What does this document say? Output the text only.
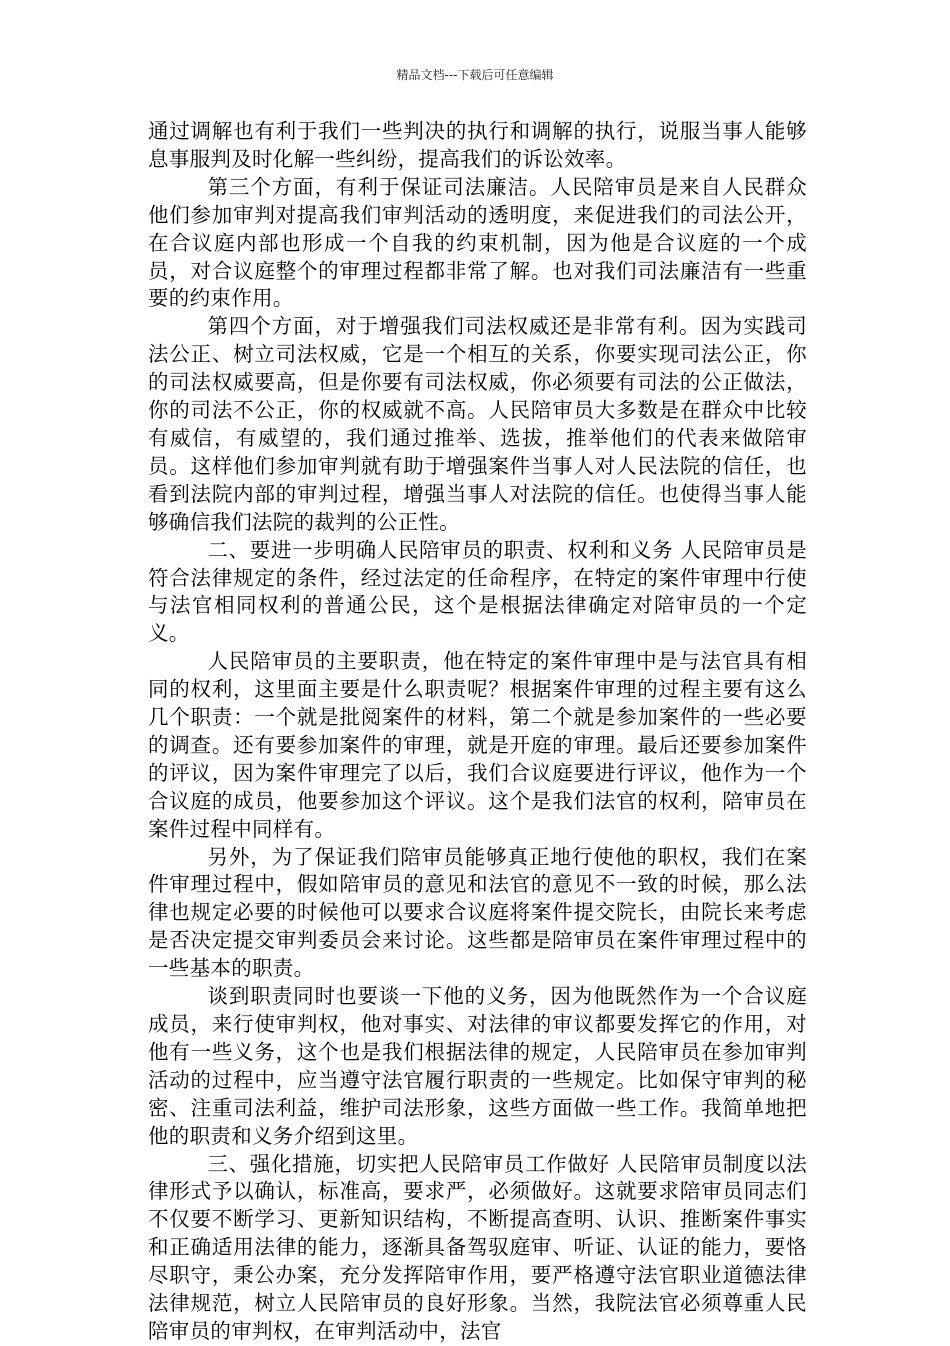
精品文档---下载后可任意编辑

通过调解也有利于我们一些判决的执行和调解的执行，说服当事人能够息事服判及时化解一些纠纷，提高我们的诉讼效率。

第三个方面，有利于保证司法廉洁。人民陪审员是来自人民群众他们参加审判对提高我们审判活动的透明度，来促进我们的司法公开，在合议庭内部也形成一个自我的约束机制，因为他是合议庭的一个成员，对合议庭整个的审理过程都非常了解。也对我们司法廉洁有一些重要的约束作用。

第四个方面，对于增强我们司法权威还是非常有利。因为实践司法公正、树立司法权威，它是一个相互的关系，你要实现司法公正，你的司法权威要高，但是你要有司法权威，你必须要有司法的公正做法，你的司法不公正，你的权威就不高。人民陪审员大多数是在群众中比较有威信，有威望的，我们通过推举、选拔，推举他们的代表来做陪审员。这样他们参加审判就有助于增强案件当事人对人民法院的信任，也看到法院内部的审判过程，增强当事人对法院的信任。也使得当事人能够确信我们法院的裁判的公正性。

二、要进一步明确人民陪审员的职责、权利和义务 人民陪审员是符合法律规定的条件，经过法定的任命程序，在特定的案件审理中行使与法官相同权利的普通公民，这个是根据法律确定对陪审员的一个定义。

人民陪审员的主要职责，他在特定的案件审理中是与法官具有相同的权利，这里面主要是什么职责呢？根据案件审理的过程主要有这么几个职责：一个就是批阅案件的材料，第二个就是参加案件的一些必要的调查。还有要参加案件的审理，就是开庭的审理。最后还要参加案件的评议，因为案件审理完了以后，我们合议庭要进行评议，他作为一个合议庭的成员，他要参加这个评议。这个是我们法官的权利，陪审员在案件过程中同样有。

另外，为了保证我们陪审员能够真正地行使他的职权，我们在案件审理过程中，假如陪审员的意见和法官的意见不一致的时候，那么法律也规定必要的时候他可以要求合议庭将案件提交院长，由院长来考虑是否决定提交审判委员会来讨论。这些都是陪审员在案件审理过程中的一些基本的职责。

谈到职责同时也要谈一下他的义务，因为他既然作为一个合议庭成员，来行使审判权，他对事实、对法律的审议都要发挥它的作用，对他有一些义务，这个也是我们根据法律的规定，人民陪审员在参加审判活动的过程中，应当遵守法官履行职责的一些规定。比如保守审判的秘密、注重司法利益，维护司法形象，这些方面做一些工作。我简单地把他的职责和义务介绍到这里。

三、强化措施，切实把人民陪审员工作做好 人民陪审员制度以法律形式予以确认，标准高，要求严，必须做好。这就要求陪审员同志们不仅要不断学习、更新知识结构，不断提高查明、认识、推断案件事实和正确适用法律的能力，逐渐具备驾驭庭审、听证、认证的能力，要恪尽职守，秉公办案，充分发挥陪审作用，要严格遵守法官职业道德法律法律规范，树立人民陪审员的良好形象。当然，我院法官必须尊重人民陪审员的审判权，在审判活动中，法官
